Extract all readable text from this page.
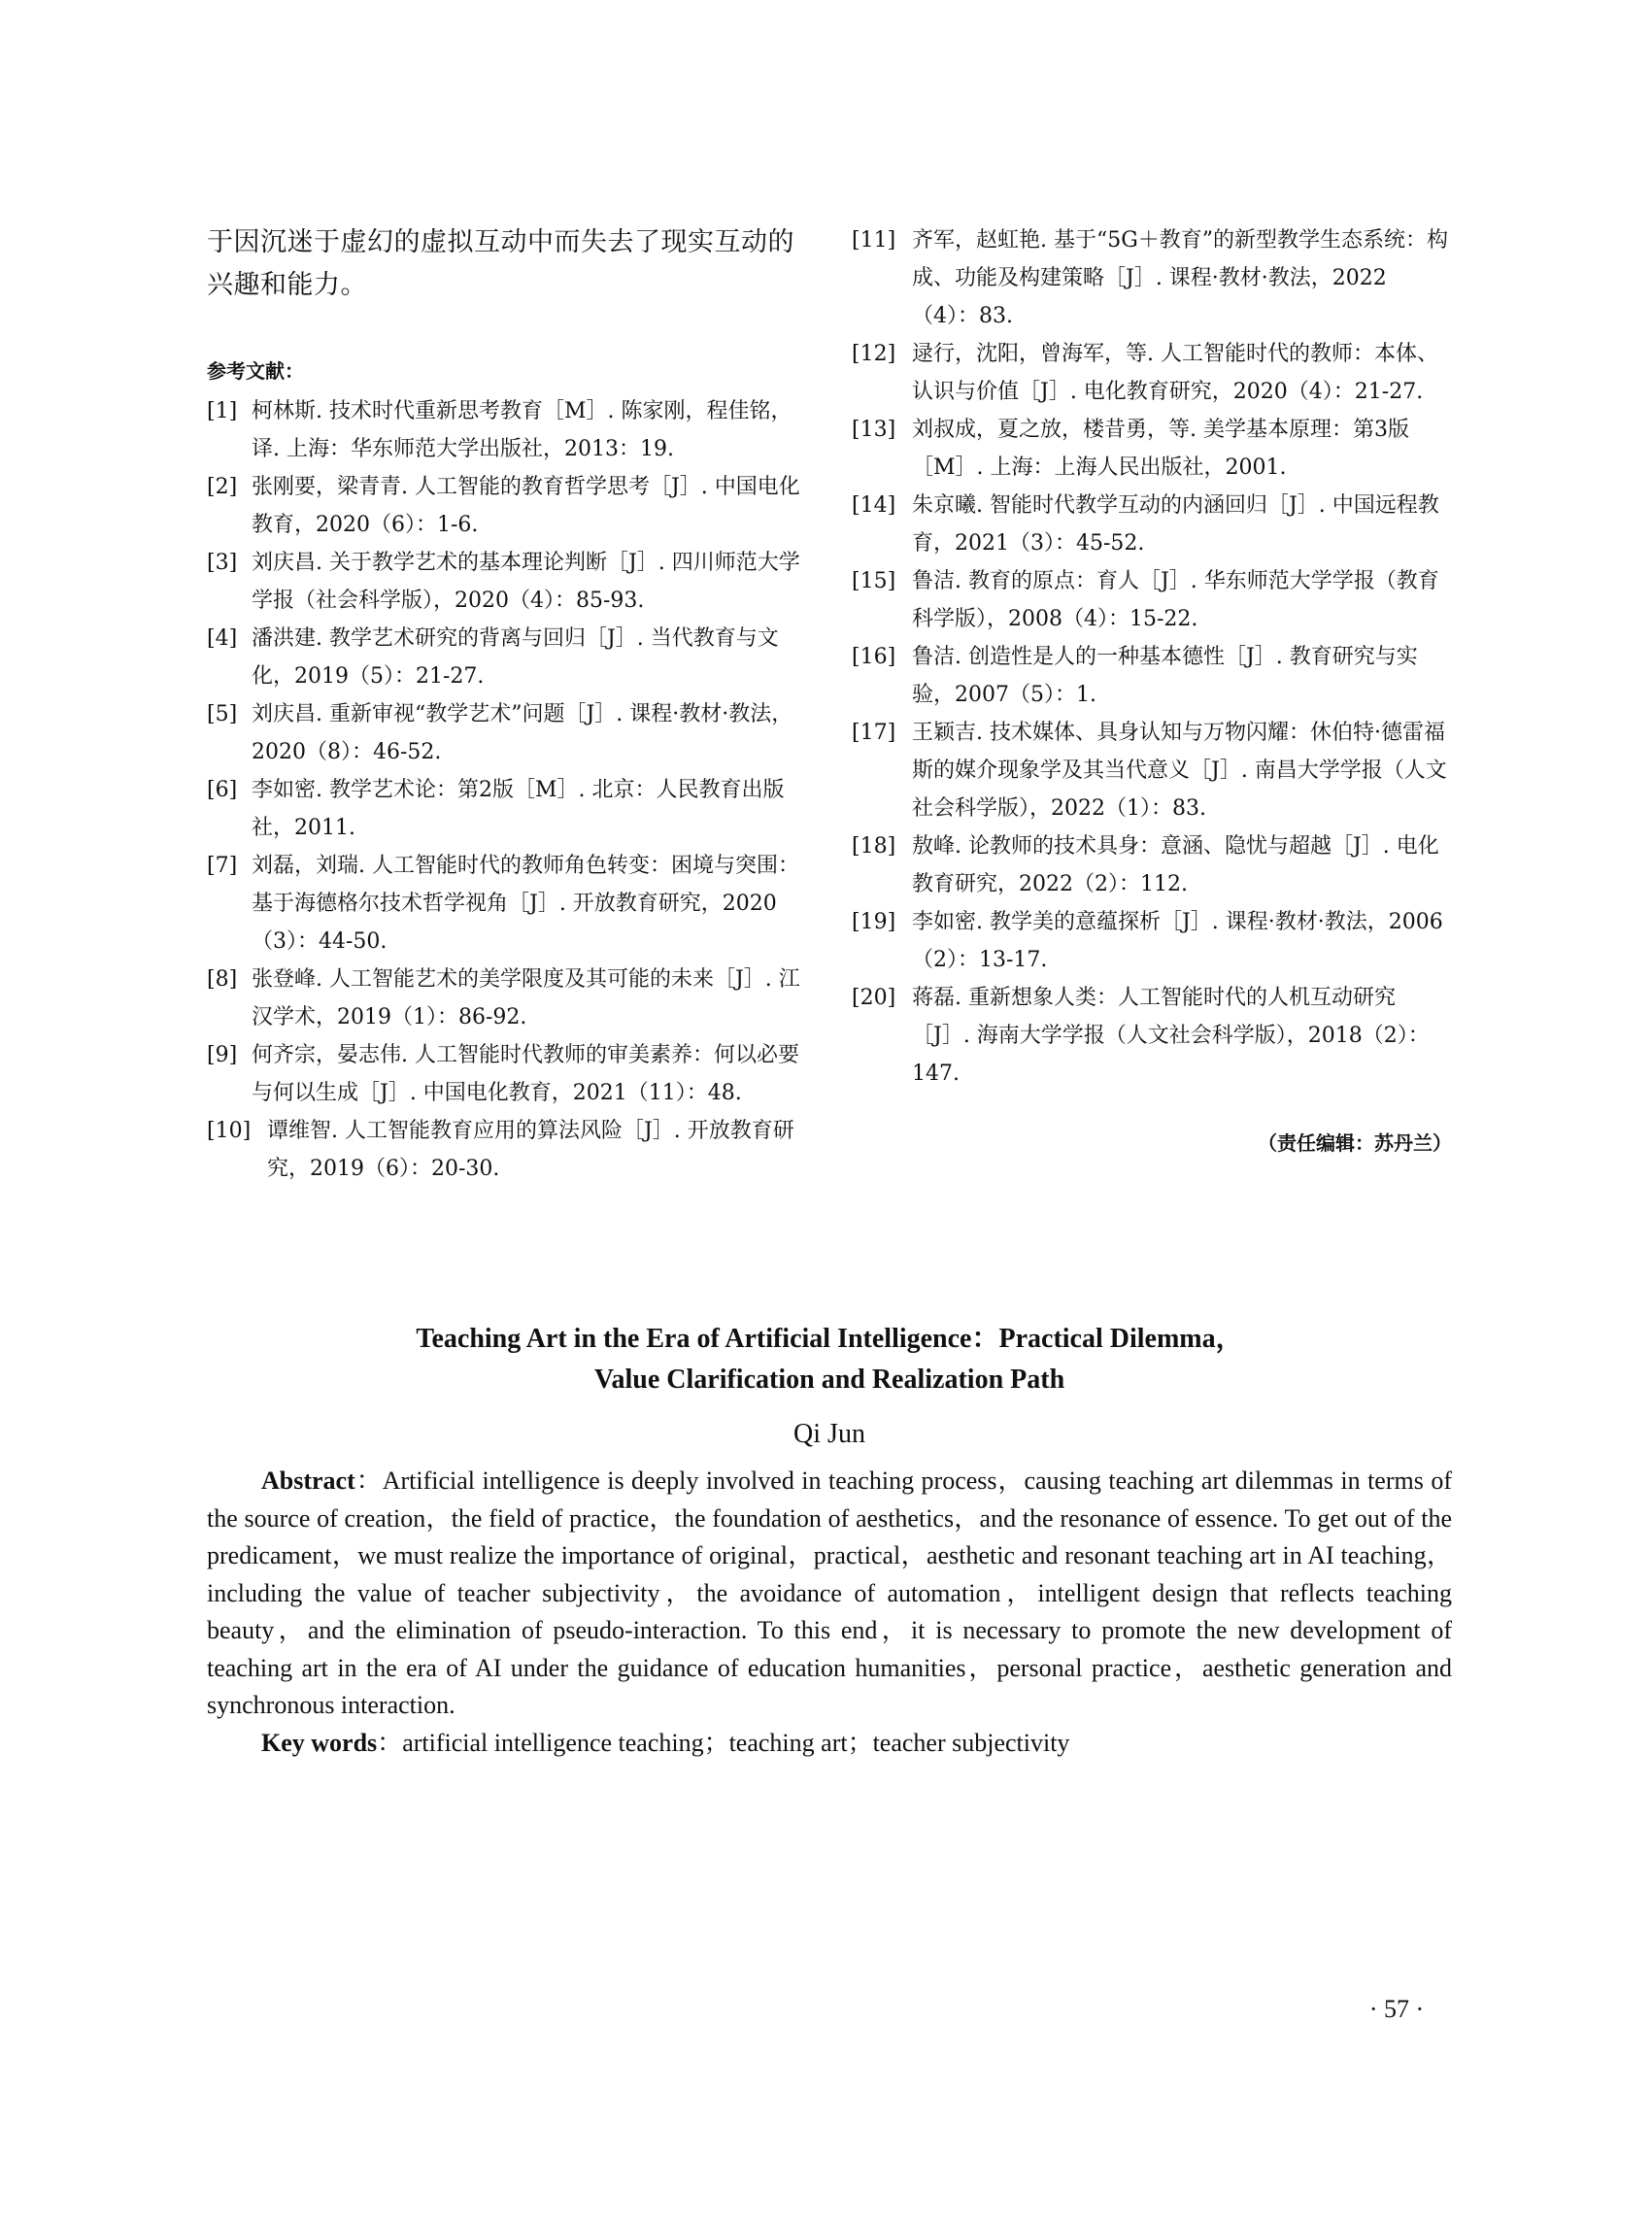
于因沉迷于虚幻的虚拟互动中而失去了现实互动的兴趣和能力。
参考文献：
[1] 柯林斯. 技术时代重新思考教育［M］. 陈家刚，程佳铭，译. 上海：华东师范大学出版社，2013：19.
[2] 张刚要，梁青青. 人工智能的教育哲学思考［J］. 中国电化教育，2020（6）：1-6.
[3] 刘庆昌. 关于教学艺术的基本理论判断［J］. 四川师范大学学报（社会科学版），2020（4）：85-93.
[4] 潘洪建. 教学艺术研究的背离与回归［J］. 当代教育与文化，2019（5）：21-27.
[5] 刘庆昌. 重新审视“教学艺术”问题［J］. 课程·教材·教法，2020（8）：46-52.
[6] 李如密. 教学艺术论：第2版［M］. 北京：人民教育出版社，2011.
[7] 刘磊，刘瑞. 人工智能时代的教师角色转变：困境与突围：基于海德格尔技术哲学视角［J］. 开放教育研究，2020（3）：44-50.
[8] 张登峰. 人工智能艺术的美学限度及其可能的未来［J］. 江汉学术，2019（1）：86-92.
[9] 何齐宗，晏志伟. 人工智能时代教师的审美素养：何以必要与何以生成［J］. 中国电化教育，2021（11）：48.
[10] 谭维智. 人工智能教育应用的算法风险［J］. 开放教育研究，2019（6）：20-30.
[11] 齐军，赵虹艳. 基于“5G＋教育”的新型教学生态系统：构成、功能及构建策略［J］. 课程·教材·教法，2022（4）：83.
[12] 逯行，沈阳，曾海军，等. 人工智能时代的教师：本体、认识与价值［J］. 电化教育研究，2020（4）：21-27.
[13] 刘叔成，夏之放，楼昔勇，等. 美学基本原理：第3版［M］. 上海：上海人民出版社，2001.
[14] 朱京曦. 智能时代教学互动的内涵回归［J］. 中国远程教育，2021（3）：45-52.
[15] 鲁洁. 教育的原点：育人［J］. 华东师范大学学报（教育科学版），2008（4）：15-22.
[16] 鲁洁. 创造性是人的一种基本德性［J］. 教育研究与实验，2007（5）：1.
[17] 王颖吉. 技术媒体、具身认知与万物闪耀：休伯特·德雷福斯的媒介现象学及其当代意义［J］. 南昌大学学报（人文社会科学版），2022（1）：83.
[18] 敖峰. 论教师的技术具身：意涵、隐忧与超越［J］. 电化教育研究，2022（2）：112.
[19] 李如密. 教学美的意蕴探析［J］. 课程·教材·教法，2006（2）：13-17.
[20] 蒋磊. 重新想象人类：人工智能时代的人机互动研究［J］. 海南大学学报（人文社会科学版），2018（2）：147.
（责任编辑：苏丹兰）
Teaching Art in the Era of Artificial Intelligence：Practical Dilemma，
Value Clarification and Realization Path
Qi Jun
Abstract：Artificial intelligence is deeply involved in teaching process，causing teaching art dilemmas in terms of the source of creation，the field of practice，the foundation of aesthetics，and the resonance of essence. To get out of the predicament，we must realize the importance of original，practical，aesthetic and resonant teaching art in AI teaching，including the value of teacher subjectivity，the avoidance of automation，intelligent design that reflects teaching beauty，and the elimination of pseudo-interaction. To this end，it is necessary to promote the new development of teaching art in the era of AI under the guidance of education humanities，personal practice，aesthetic generation and synchronous interaction.
Key words：artificial intelligence teaching；teaching art；teacher subjectivity
· 57 ·
